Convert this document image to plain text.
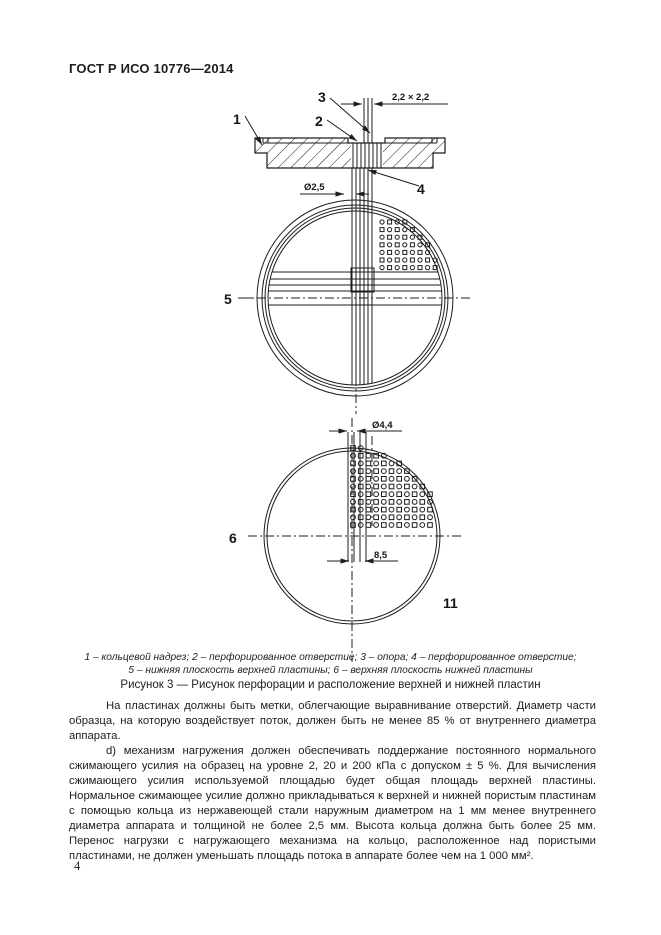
ГОСТ Р ИСО 10776—2014
1	2
3
4
5
6
11
2,2 × 2,2
Ø2,5
Ø4,4
8,5
1 – кольцевой надрез; 2 – перфорированное отверстие; 3 – опора; 4 – перфорированное отверстие;
5 – нижняя плоскость верхней пластины; 6 – верхняя плоскость нижней пластины
Рисунок 3 — Рисунок перфорации и расположение верхней и нижней пластин

На пластинах должны быть метки, облегчающие выравнивание отверстий. Диаметр части образца, на которую воздействует поток, должен быть не менее 85 % от внутреннего диаметра аппарата.

d) механизм нагружения должен обеспечивать поддержание постоянного нормального сжимающего усилия на образец на уровне 2, 20 и 200 кПа с допуском ± 5 %. Для вычисления сжимающего усилия используемой площадью будет общая площадь верхней пластины. Нормальное сжимающее усилие должно прикладываться к верхней и нижней пористым пластинам с помощью кольца из нержавеющей стали наружным диаметром на 1 мм менее внутреннего диаметра аппарата и толщиной не более 2,5 мм. Высота кольца должна быть более 25 мм. Перенос нагрузки с нагружающего механизма на кольцо, расположенное над пористыми пластинами, не должен уменьшать площадь потока в аппарате более чем на 1 000 мм².

4
